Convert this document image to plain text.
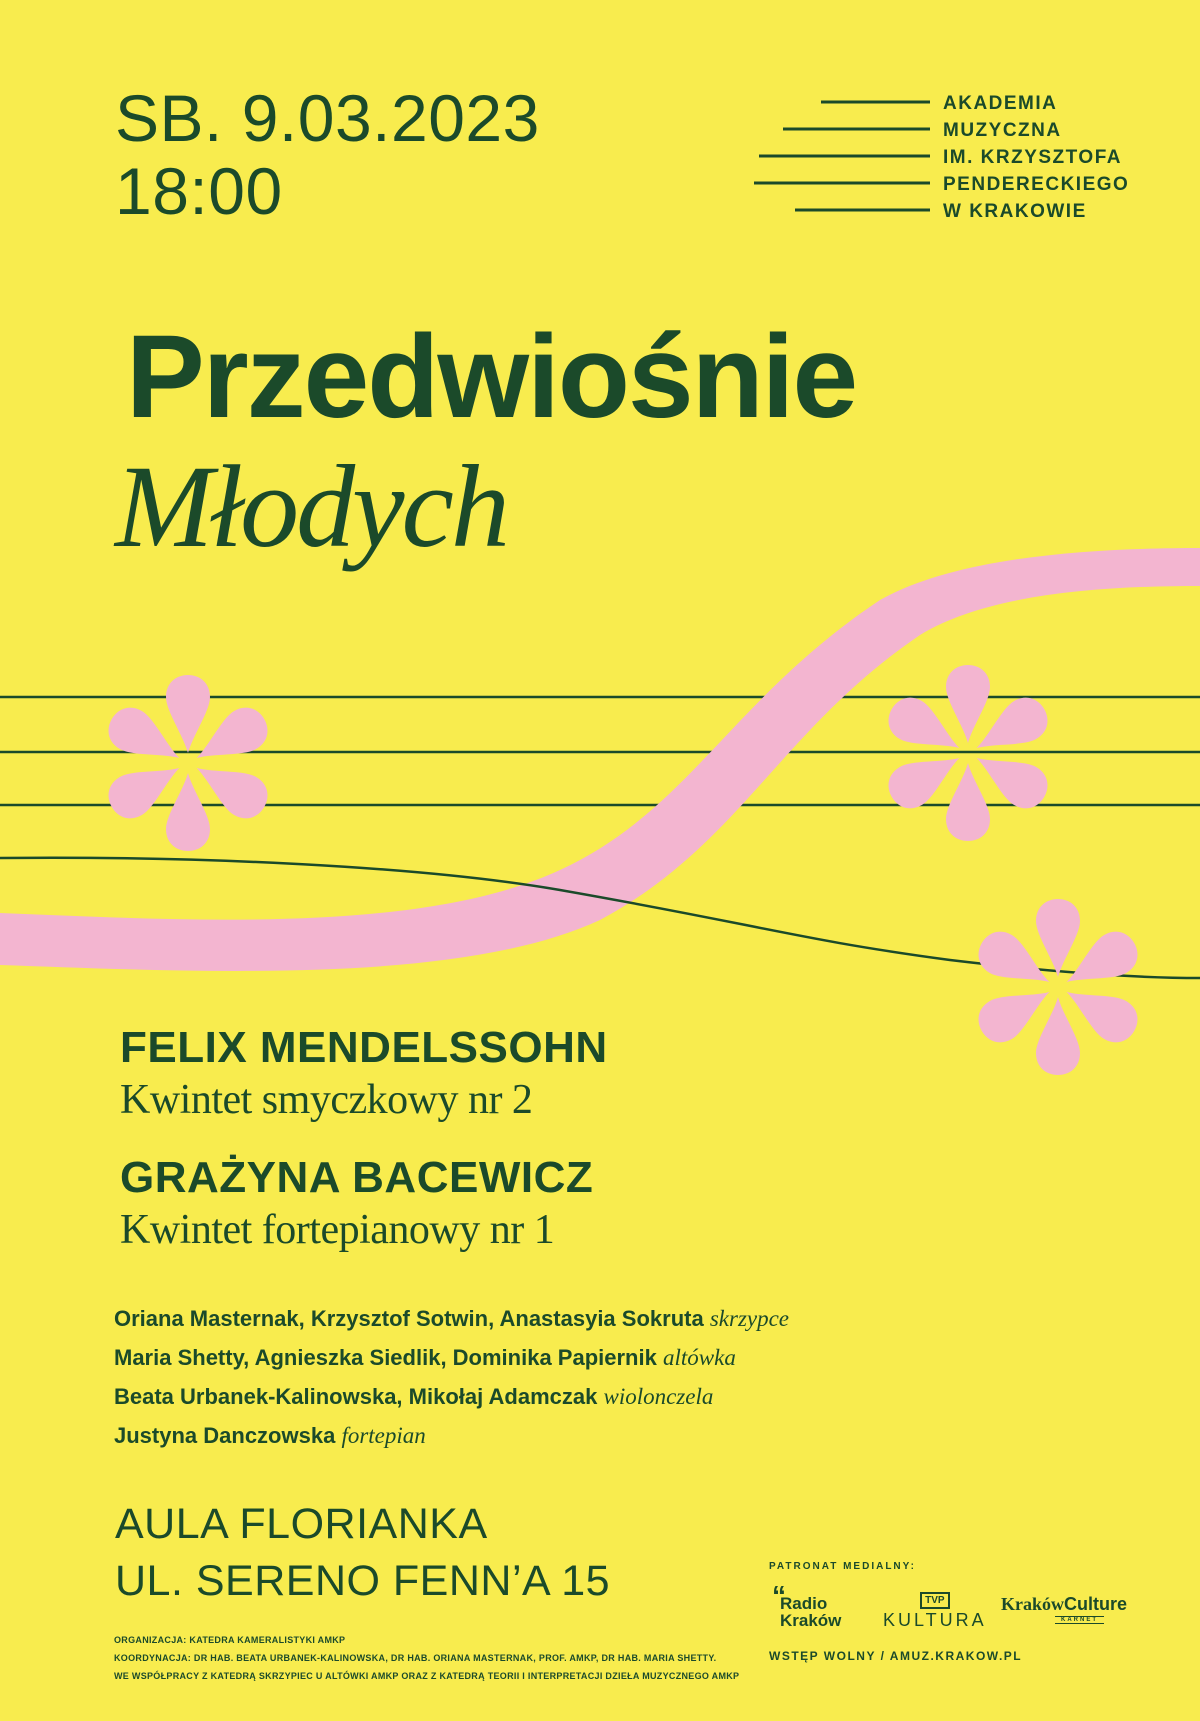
SB. 9.03.2023
18:00
AKADEMIA
MUZYCZNA
IM. KRZYSZTOFA
PENDERECKIEGO
W KRAKOWIE
Przedwiośnie
Młodych
FELIX MENDELSSOHN
Kwintet smyczkowy nr 2
GRAŻYNA BACEWICZ
Kwintet fortepianowy nr 1
Oriana Masternak, Krzysztof Sotwin, Anastasyia Sokruta skrzypce
Maria Shetty, Agnieszka Siedlik, Dominika Papiernik altówka
Beata Urbanek-Kalinowska, Mikołaj Adamczak wiolonczela
Justyna Danczowska fortepian
AULA FLORIANKA
UL. SERENO FENN’A 15
ORGANIZACJA: KATEDRA KAMERALISTYKI AMKP
KOORDYNACJA: DR HAB. BEATA URBANEK-KALINOWSKA, DR HAB. ORIANA MASTERNAK, PROF. AMKP, DR HAB. MARIA SHETTY.
WE WSPÓŁPRACY Z KATEDRĄ SKRZYPIEC U ALTÓWKI AMKP ORAZ Z KATEDRĄ TEORII I INTERPRETACJI DZIEŁA MUZYCZNEGO AMKP
PATRONAT MEDIALNY:
“
Radio
Kraków
TVP
KULTURA
KrakówCulture
KARNET
WSTĘP WOLNY / AMUZ.KRAKOW.PL
